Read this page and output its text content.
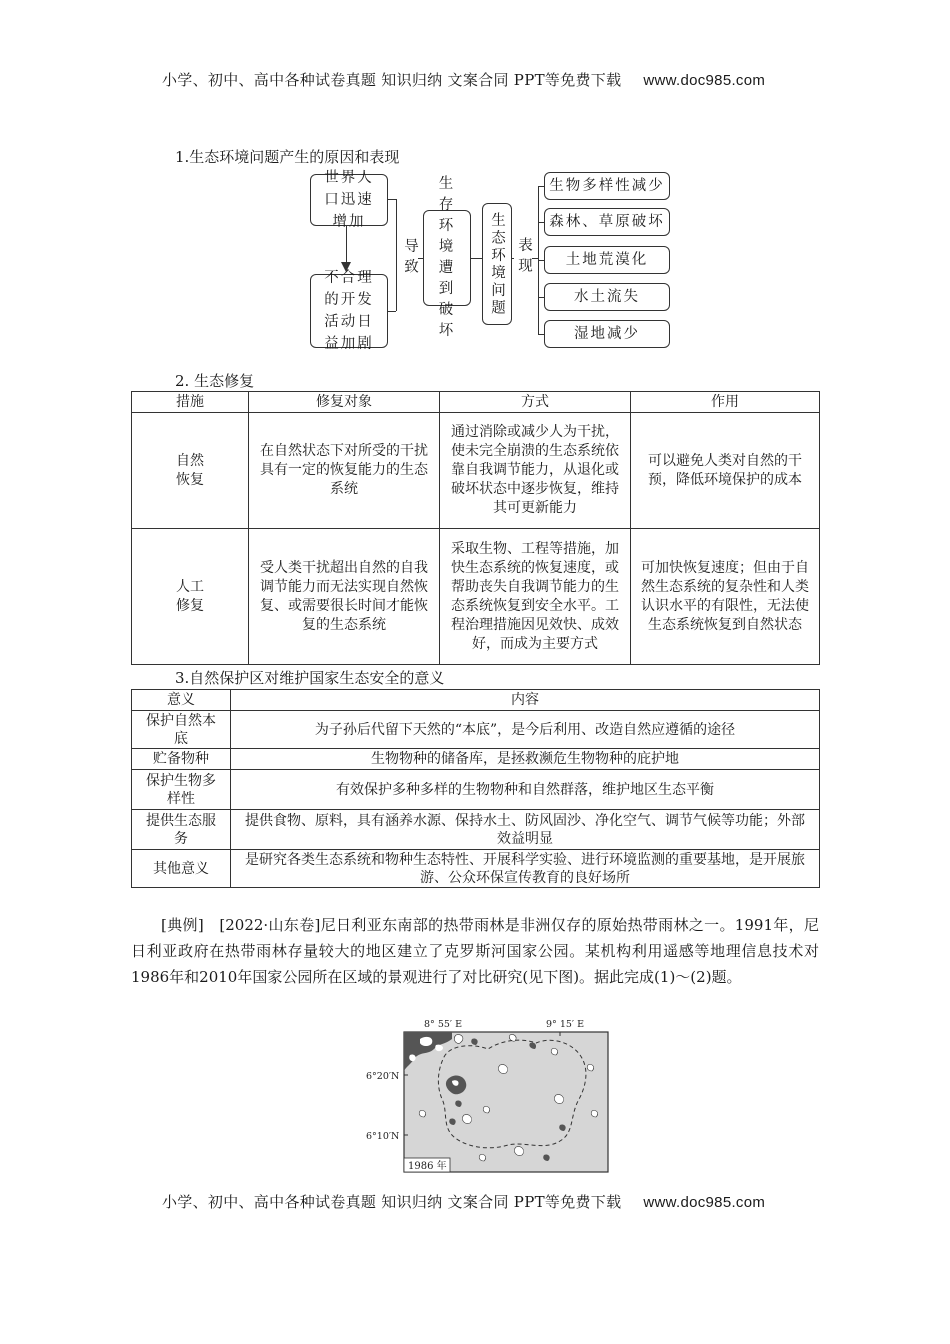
小学、初中、高中各种试卷真题 知识归纳 文案合同 PPT等免费下载 www.doc985.com
1.生态环境问题产生的原因和表现
世界人口迅速增加
不合理的开发活动日益加剧
导致
生存环境遭到破坏
生态环境问题 表现
生物多样性减少
森林、草原破坏
土地荒漠化
水土流失
湿地减少
2. 生态修复
措施	修复对象	方式	作用
自然恢复	在自然状态下对所受的干扰具有一定的恢复能力的生态系统	通过消除或减少人为干扰，使未完全崩溃的生态系统依靠自我调节能力，从退化或破坏状态中逐步恢复，维持其可更新能力	可以避免人类对自然的干预，降低环境保护的成本
人工修复	受人类干扰超出自然的自我调节能力而无法实现自然恢复、或需要很长时间才能恢复的生态系统	采取生物、工程等措施，加快生态系统的恢复速度，或帮助丧失自我调节能力的生态系统恢复到安全水平。工程治理措施因见效快、成效好，而成为主要方式	可加快恢复速度；但由于自然生态系统的复杂性和人类认识水平的有限性，无法使生态系统恢复到自然状态
3.自然保护区对维护国家生态安全的意义
意义	内容
保护自然本底	为子孙后代留下天然的“本底”，是今后利用、改造自然应遵循的途径
贮备物种	生物物种的储备库，是拯救濒危生物物种的庇护地
保护生物多样性	有效保护多种多样的生物物种和自然群落，维护地区生态平衡
提供生态服务	提供食物、原料，具有涵养水源、保持水土、防风固沙、净化空气、调节气候等功能；外部效益明显
其他意义	是研究各类生态系统和物种生态特性、开展科学实验、进行环境监测的重要基地，是开展旅游、公众环保宣传教育的良好场所
[典例]　[2022·山东卷]尼日利亚东南部的热带雨林是非洲仅存的原始热带雨林之一。1991年，尼日利亚政府在热带雨林存量较大的地区建立了克罗斯河国家公园。某机构利用遥感等地理信息技术对1986年和2010年国家公园所在区域的景观进行了对比研究(见下图)。据此完成(1)～(2)题。
8° 55′ E	9° 15′ E
6°20′N
6°10′N
1986 年
小学、初中、高中各种试卷真题 知识归纳 文案合同 PPT等免费下载 www.doc985.com
